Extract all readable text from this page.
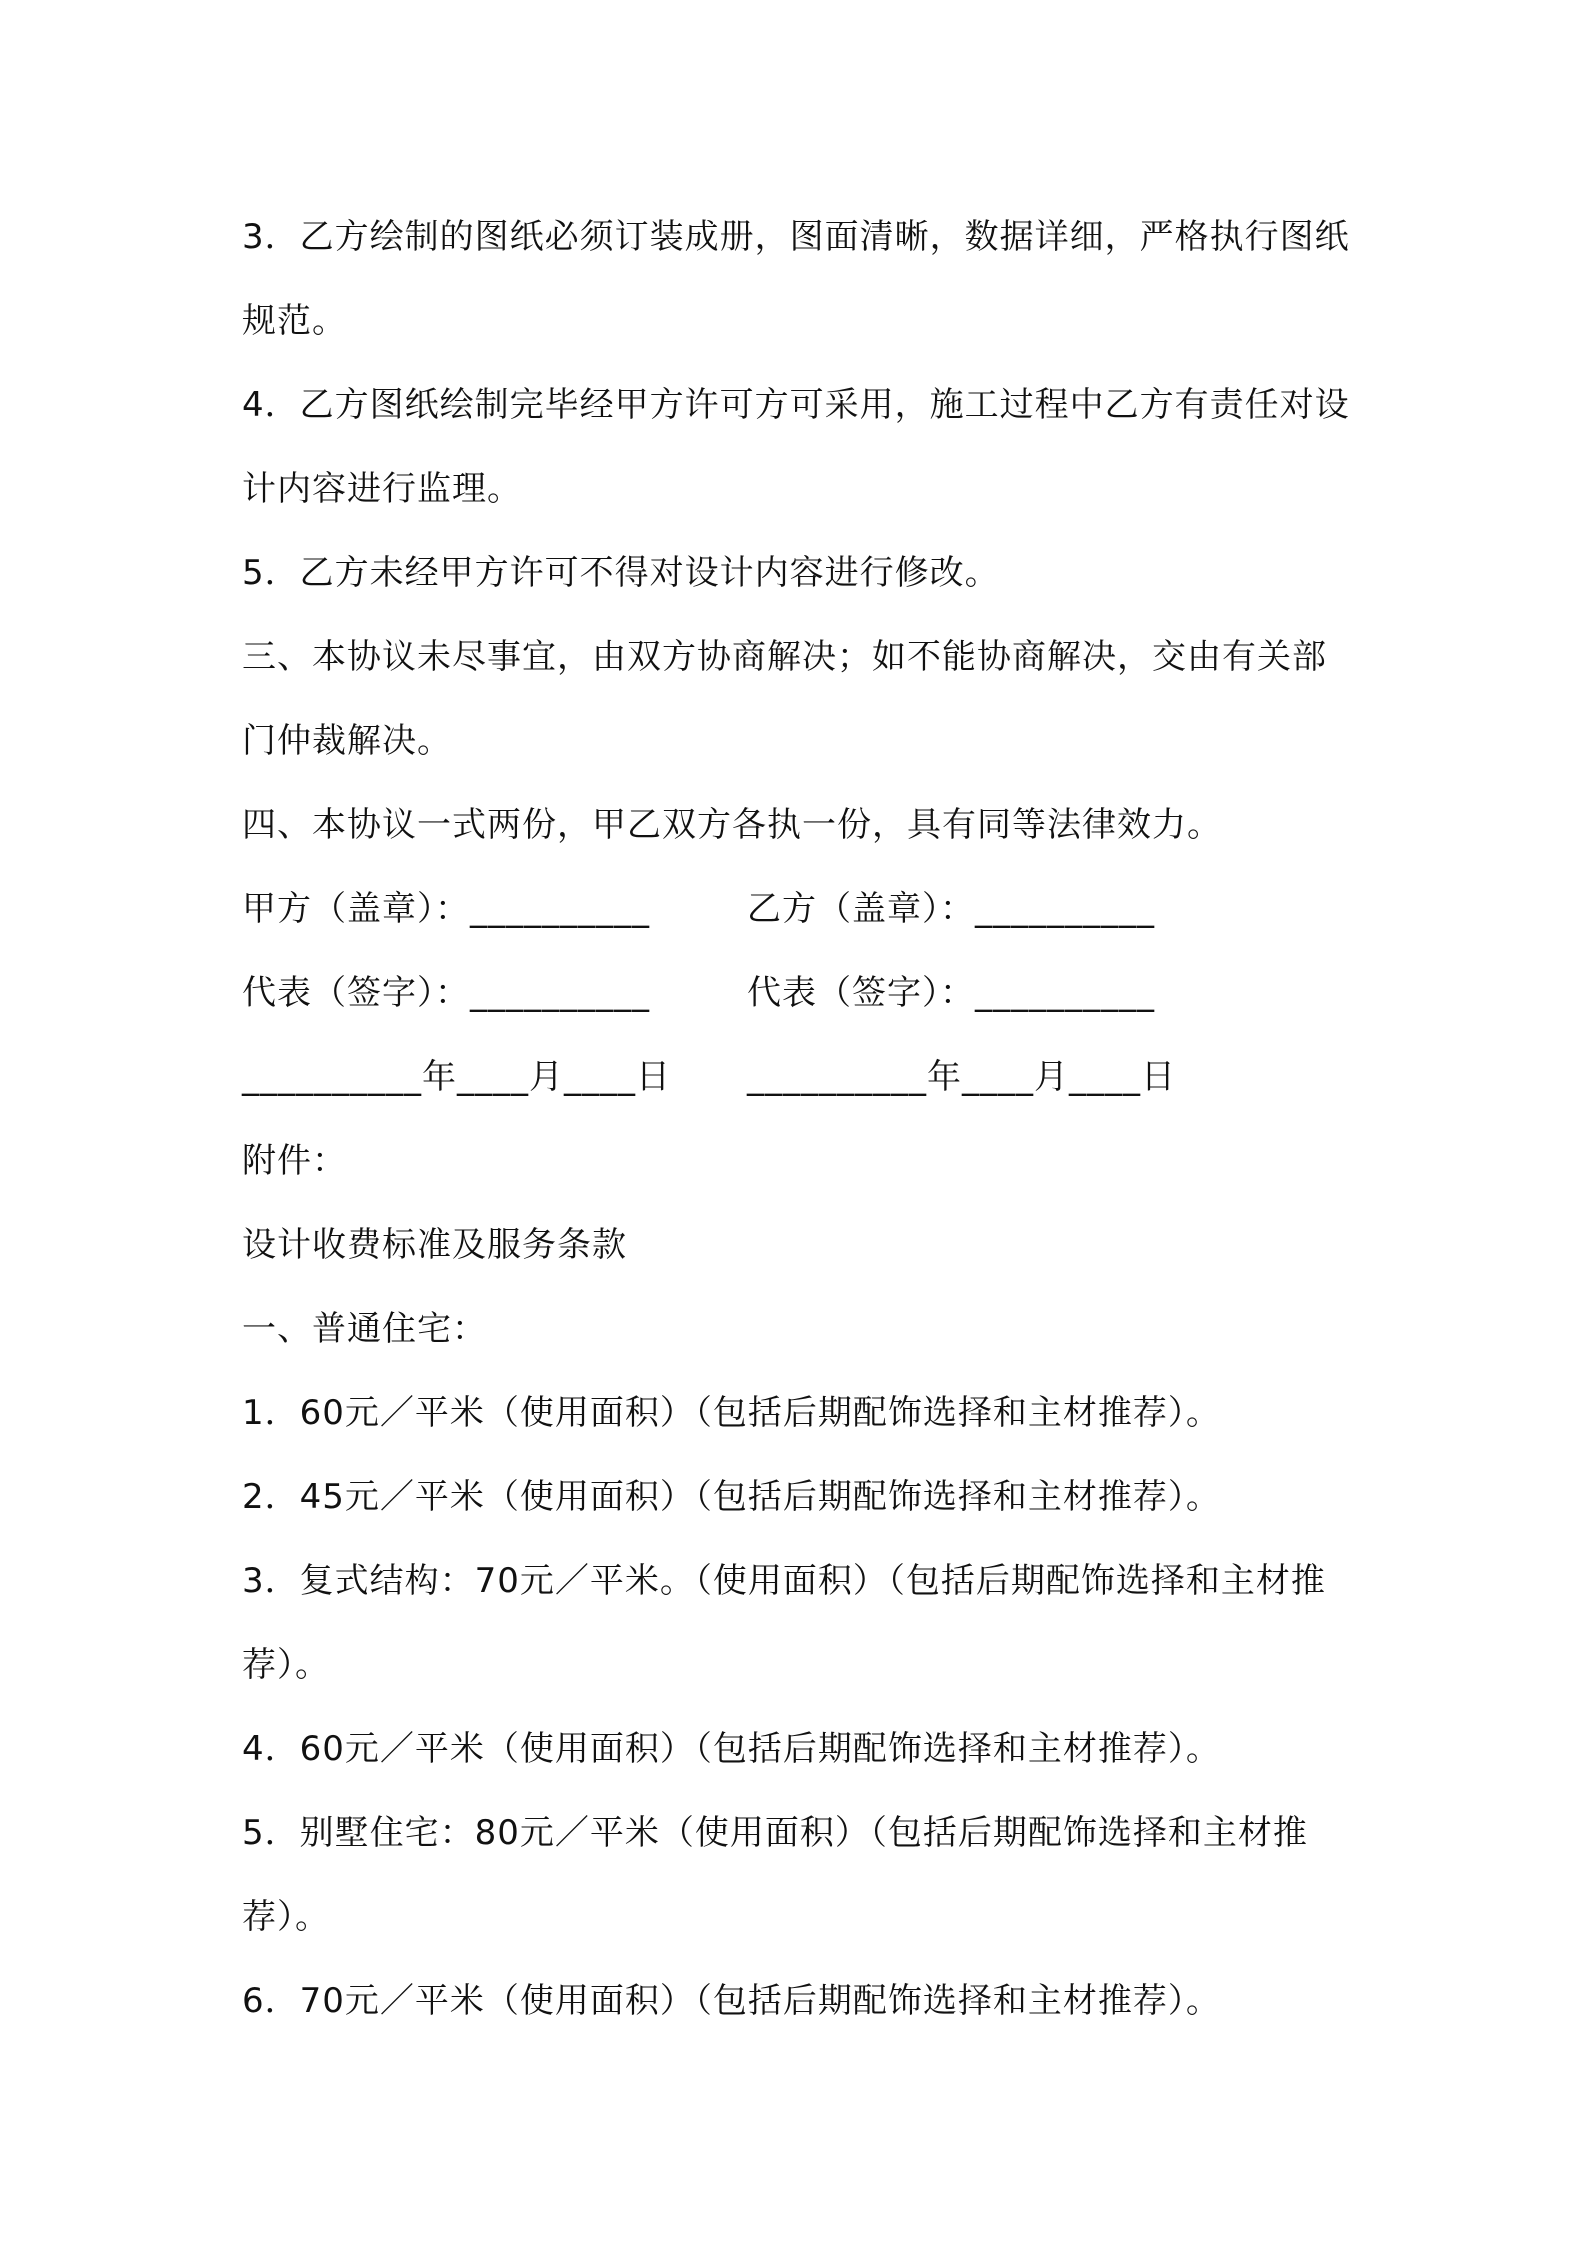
3．乙方绘制的图纸必须订装成册，图面清晰，数据详细，严格执行图纸规范。

4．乙方图纸绘制完毕经甲方许可方可采用，施工过程中乙方有责任对设计内容进行监理。

5．乙方未经甲方许可不得对设计内容进行修改。

三、本协议未尽事宜，由双方协商解决；如不能协商解决，交由有关部门仲裁解决。

四、本协议一式两份，甲乙双方各执一份，具有同等法律效力。

甲方（盖章）：__________	乙方（盖章）：__________
代表（签字）：__________	代表（签字）：__________
__________年____月____日	__________年____月____日

附件：

设计收费标准及服务条款

一、普通住宅：

1．60元／平米（使用面积）（包括后期配饰选择和主材推荐）。

2．45元／平米（使用面积）（包括后期配饰选择和主材推荐）。

3．复式结构：70元／平米。（使用面积）（包括后期配饰选择和主材推荐）。

4．60元／平米（使用面积）（包括后期配饰选择和主材推荐）。

5．别墅住宅：80元／平米（使用面积）（包括后期配饰选择和主材推荐）。

6．70元／平米（使用面积）（包括后期配饰选择和主材推荐）。
